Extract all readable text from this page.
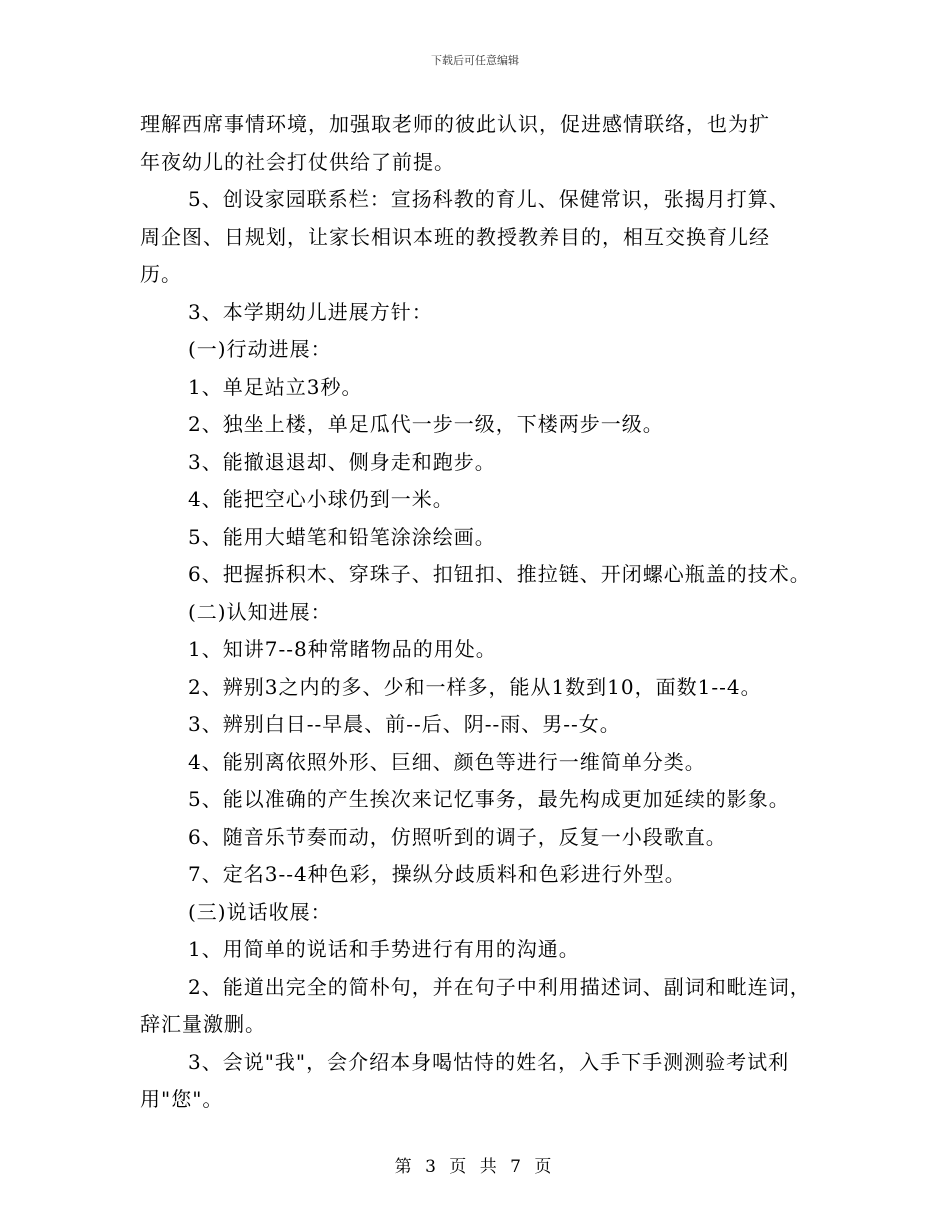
下载后可任意编辑
理解西席事情环境，加强取老师的彼此认识，促进感情联络，也为扩
年夜幼儿的社会打仗供给了前提。
5、创设家园联系栏：宣扬科教的育儿、保健常识，张揭月打算、
周企图、日规划，让家长相识本班的教授教养目的，相互交换育儿经
历。
3、本学期幼儿进展方针：
(一)行动进展：
1、单足站立3秒。
2、独坐上楼，单足瓜代一步一级，下楼两步一级。
3、能撤退退却、侧身走和跑步。
4、能把空心小球仍到一米。
5、能用大蜡笔和铅笔涂涂绘画。
6、把握拆积木、穿珠子、扣钮扣、推拉链、开闭螺心瓶盖的技术。
(二)认知进展：
1、知讲7--8种常睹物品的用处。
2、辨别3之内的多、少和一样多，能从1数到10，面数1--4。
3、辨别白日--早晨、前--后、阴--雨、男--女。
4、能别离依照外形、巨细、颜色等进行一维简单分类。
5、能以准确的产生挨次来记忆事务，最先构成更加延续的影象。
6、随音乐节奏而动，仿照听到的调子，反复一小段歌直。
7、定名3--4种色彩，操纵分歧质料和色彩进行外型。
(三)说话收展：
1、用简单的说话和手势进行有用的沟通。
2、能道出完全的简朴句，并在句子中利用描述词、副词和毗连词，
辞汇量激删。
3、会说"我"，会介绍本身喝怙恃的姓名，入手下手测测验考试利
用"您"。
第 3 页 共 7 页
